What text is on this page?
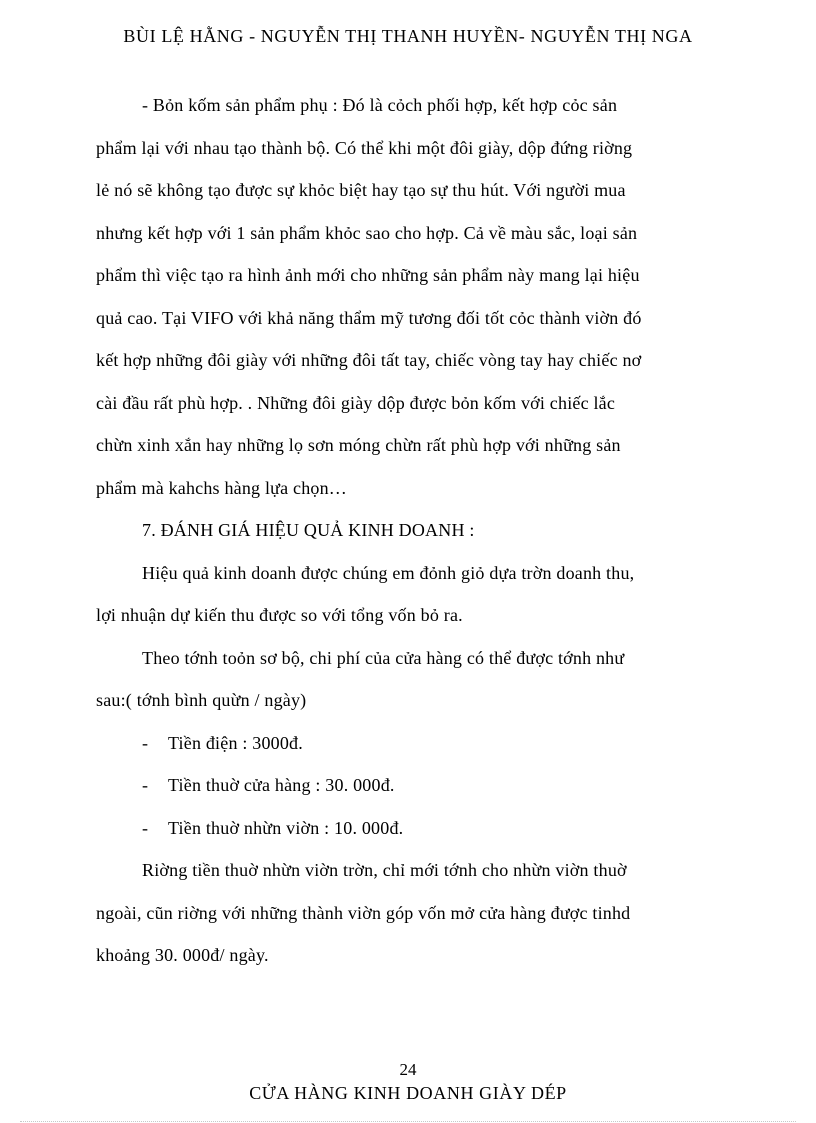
BÙI LỆ HẰNG - NGUYỄN THỊ THANH HUYỀN- NGUYỄN THỊ NGA
- Bỏn kốm sản phẩm phụ : Đó là cỏch phối hợp, kết hợp cỏc sản
phẩm lại với nhau tạo thành bộ. Có thể khi một đôi giày, dộp đứng riờng
lẻ nó sẽ không tạo được sự khỏc biệt hay tạo sự thu hút. Với người mua
nhưng kết hợp với 1 sản phẩm khỏc sao cho hợp. Cả về màu sắc, loại sản
phẩm thì việc tạo ra hình ảnh mới cho những sản phẩm này mang lại hiệu
quả cao. Tại VIFO với khả năng thẩm mỹ tương đối tốt cỏc thành viờn đó
kết hợp những đôi giày với những đôi tất tay, chiếc vòng tay hay chiếc nơ
cài đầu rất phù hợp. . Những đôi giày dộp được bỏn kốm với chiếc lắc
chừn xinh xắn hay những lọ sơn móng chừn rất phù hợp với những sản
phẩm mà kahchs hàng lựa chọn…
7. ĐÁNH GIÁ HIỆU QUẢ KINH DOANH :
Hiệu quả kinh doanh được chúng em đỏnh giỏ dựa trờn doanh thu,
lợi nhuận dự kiến thu được so với tổng vốn bỏ ra.
Theo tớnh toỏn sơ bộ, chi phí của cửa hàng có thể được tớnh như
sau:( tớnh bình quừn / ngày)
- Tiền điện : 3000đ.
- Tiền thuờ cửa hàng : 30. 000đ.
- Tiền thuờ nhừn viờn : 10. 000đ.
Riờng tiền thuờ nhừn viờn trờn, chỉ mới tớnh cho nhừn viờn thuờ
ngoài, cũn riờng với những thành viờn góp vốn mở cửa hàng được tinhd
khoảng 30. 000đ/ ngày.
24
CỬA HÀNG KINH DOANH GIÀY DÉP
